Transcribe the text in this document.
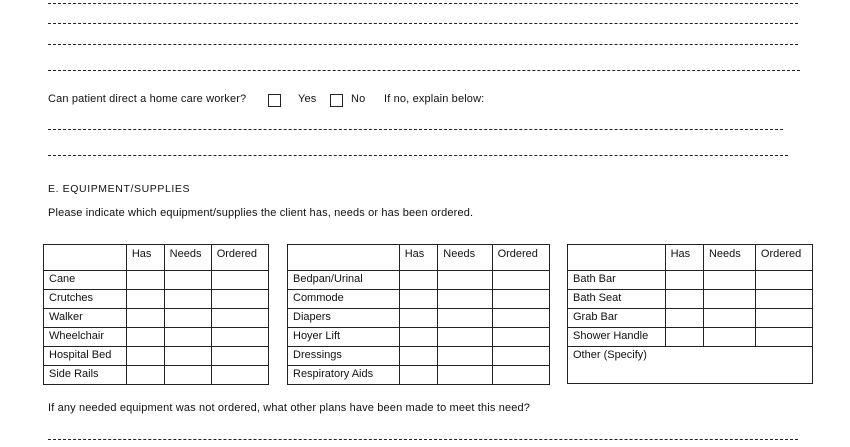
Can patient direct a home care worker?	Yes	No If no, explain below:
E. EQUIPMENT/SUPPLIES
Please indicate which equipment/supplies the client has, needs or has been ordered.
	Has	Needs	Ordered
Cane			
Crutches			
Walker			
Wheelchair			
Hospital Bed			
Side Rails			
	Has	Needs	Ordered
Bedpan/Urinal			
Commode			
Diapers			
Hoyer Lift			
Dressings			
Respiratory Aids			
	Has	Needs	Ordered
Bath Bar			
Bath Seat			
Grab Bar			
Shower Handle			
Other (Specify)			
If any needed equipment was not ordered, what other plans have been made to meet this need?
